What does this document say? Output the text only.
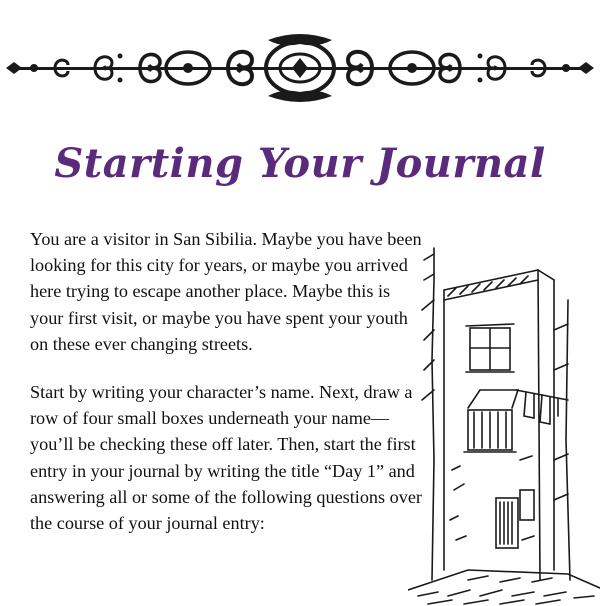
Starting Your Journal

You are a visitor in San Sibilia. Maybe you have been looking for this city for years, or maybe you arrived here trying to escape another place. Maybe this is your first visit, or maybe you have spent your youth on these ever changing streets.

Start by writing your character’s name. Next, draw a row of four small boxes underneath your name—you’ll be checking these off later. Then, start the first entry in your journal by writing the title “Day 1” and answering all or some of the following questions over the course of your journal entry:
